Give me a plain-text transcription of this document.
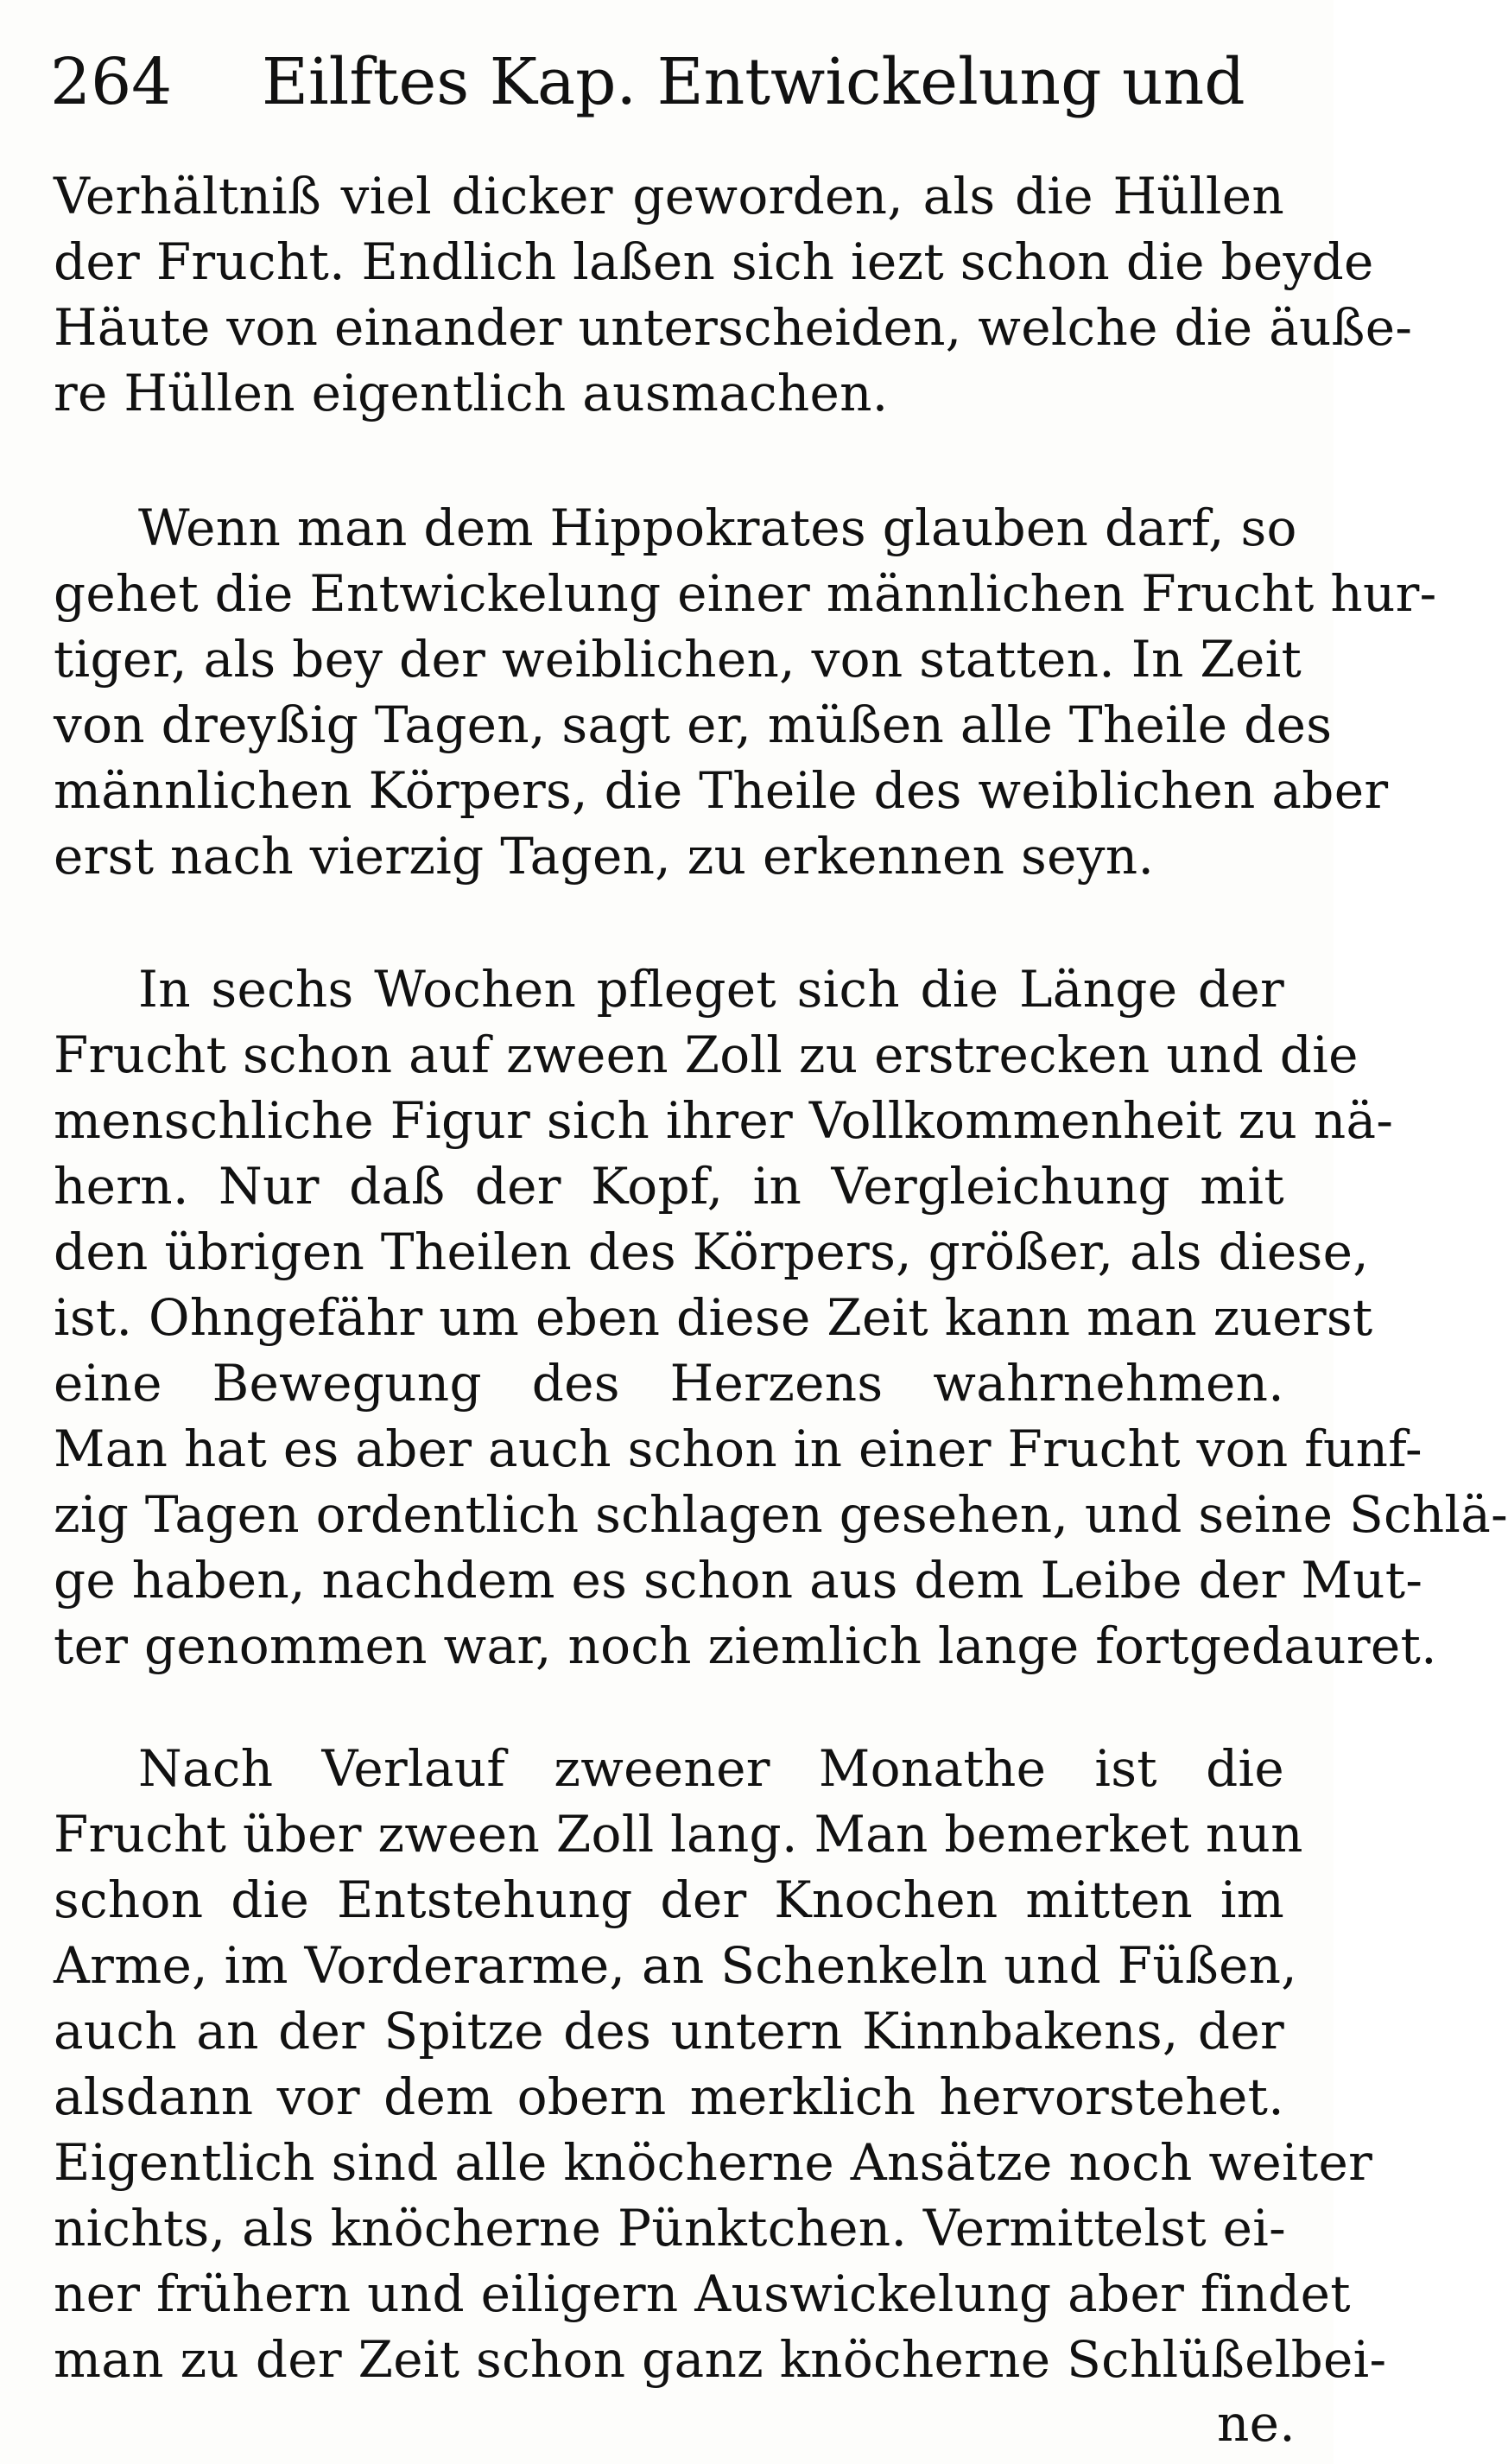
264 Eilftes Kap. Entwickelung und
Verhältniß viel dicker geworden, als die Hüllen
der Frucht. Endlich laßen sich iezt schon die beyde
Häute von einander unterscheiden, welche die äuße-
re Hüllen eigentlich ausmachen.
Wenn man dem Hippokrates glauben darf, so
gehet die Entwickelung einer männlichen Frucht hur-
tiger, als bey der weiblichen, von statten. In Zeit
von dreyßig Tagen, sagt er, müßen alle Theile des
männlichen Körpers, die Theile des weiblichen aber
erst nach vierzig Tagen, zu erkennen seyn.
In sechs Wochen pfleget sich die Länge der
Frucht schon auf zween Zoll zu erstrecken und die
menschliche Figur sich ihrer Vollkommenheit zu nä-
hern. Nur daß der Kopf, in Vergleichung mit
den übrigen Theilen des Körpers, größer, als diese,
ist. Ohngefähr um eben diese Zeit kann man zuerst
eine Bewegung des Herzens wahrnehmen.
Man hat es aber auch schon in einer Frucht von funf-
zig Tagen ordentlich schlagen gesehen, und seine Schlä-
ge haben, nachdem es schon aus dem Leibe der Mut-
ter genommen war, noch ziemlich lange fortgedauret.
Nach Verlauf zweener Monathe ist die
Frucht über zween Zoll lang. Man bemerket nun
schon die Entstehung der Knochen mitten im
Arme, im Vorderarme, an Schenkeln und Füßen,
auch an der Spitze des untern Kinnbakens, der
alsdann vor dem obern merklich hervorstehet.
Eigentlich sind alle knöcherne Ansätze noch weiter
nichts, als knöcherne Pünktchen. Vermittelst ei-
ner frühern und eiligern Auswickelung aber findet
man zu der Zeit schon ganz knöcherne Schlüßelbei-
ne.
